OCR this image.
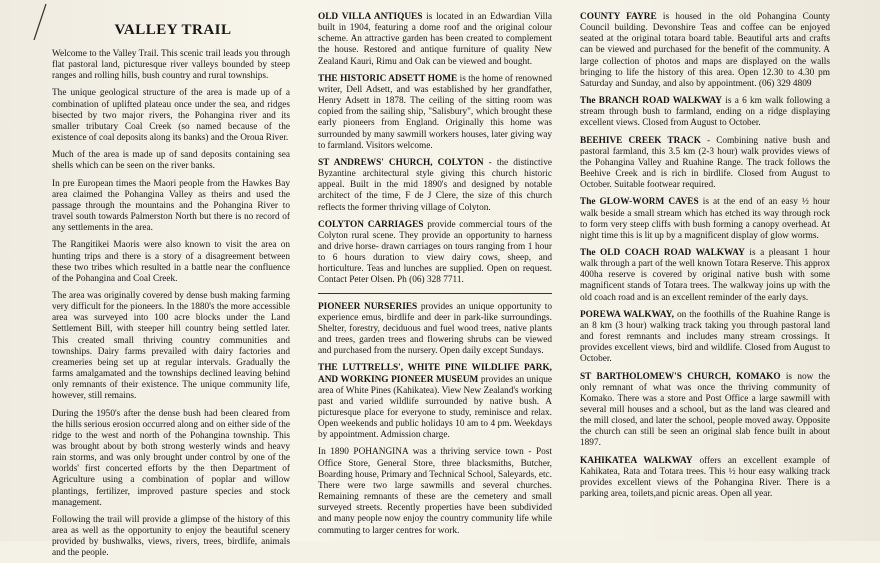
VALLEY TRAIL

Welcome to the Valley Trail. This scenic trail leads you through flat pastoral land, picturesque river valleys bounded by steep ranges and rolling hills, bush country and rural townships.

The unique geological structure of the area is made up of a combination of uplifted plateau once under the sea, and ridges bisected by two major rivers, the Pohangina river and its smaller tributary Coal Creek (so named because of the existence of coal deposits along its banks) and the Oroua River.

Much of the area is made up of sand deposits containing sea shells which can be seen on the river banks.

In pre European times the Maori people from the Hawkes Bay area claimed the Pohangina Valley as theirs and used the passage through the mountains and the Pohangina River to travel south towards Palmerston North but there is no record of any settlements in the area.

The Rangitikei Maoris were also known to visit the area on hunting trips and there is a story of a disagreement between these two tribes which resulted in a battle near the confluence of the Pohangina and Coal Creek.

The area was originally covered by dense bush making farming very difficult for the pioneers. In the 1880's the more accessible area was surveyed into 100 acre blocks under the Land Settlement Bill, with steeper hill country being settled later. This created small thriving country communities and townships. Dairy farms prevailed with dairy factories and creameries being set up at regular intervals. Gradually the farms amalgamated and the townships declined leaving behind only remnants of their existence. The unique community life, however, still remains.

During the 1950's after the dense bush had been cleared from the hills serious erosion occurred along and on either side of the ridge to the west and north of the Pohangina township. This was brought about by both strong westerly winds and heavy rain storms, and was only brought under control by one of the worlds' first concerted efforts by the then Department of Agriculture using a combination of poplar and willow plantings, fertilizer, improved pasture species and stock management.

Following the trail will provide a glimpse of the history of this area as well as the opportunity to enjoy the beautiful scenery provided by bushwalks, views, rivers, trees, birdlife, animals and the people.

OLD VILLA ANTIQUES is located in an Edwardian Villa built in 1904, featuring a dome roof and the original colour scheme. An attractive garden has been created to complement the house. Restored and antique furniture of quality New Zealand Kauri, Rimu and Oak can be viewed and bought.

THE HISTORIC ADSETT HOME is the home of renowned writer, Dell Adsett, and was established by her grandfather, Henry Adsett in 1878. The ceiling of the sitting room was copied from the sailing ship, "Salisbury", which brought these early pioneers from England. Originally this home was surrounded by many sawmill workers houses, later giving way to farmland. Visitors welcome.

ST ANDREWS' CHURCH, COLYTON - the distinctive Byzantine architectural style giving this church historic appeal. Built in the mid 1890's and designed by notable architect of the time, F de J Clere, the size of this church reflects the former thriving village of Colyton.

COLYTON CARRIAGES provide commercial tours of the Colyton rural scene. They provide an opportunity to harness and drive horse- drawn carriages on tours ranging from 1 hour to 6 hours duration to view dairy cows, sheep, and horticulture. Teas and lunches are supplied. Open on request. Contact Peter Olsen. Ph (06) 328 7711.

PIONEER NURSERIES provides an unique opportunity to experience emus, birdlife and deer in park-like surroundings. Shelter, forestry, deciduous and fuel wood trees, native plants and trees, garden trees and flowering shrubs can be viewed and purchased from the nursery. Open daily except Sundays.

THE LUTTRELLS', WHITE PINE WILDLIFE PARK, AND WORKING PIONEER MUSEUM provides an unique area of White Pines (Kahikatea). View New Zealand's working past and varied wildlife surrounded by native bush. A picturesque place for everyone to study, reminisce and relax. Open weekends and public holidays 10 am to 4 pm. Weekdays by appointment. Admission charge.

In 1890 POHANGINA was a thriving service town - Post Office Store, General Store, three blacksmiths, Butcher, Boarding house, Primary and Technical School, Saleyards, etc. There were two large sawmills and several churches. Remaining remnants of these are the cemetery and small surveyed streets. Recently properties have been subdivided and many people now enjoy the country community life while commuting to larger centres for work.

COUNTY FAYRE is housed in the old Pohangina County Council building. Devonshire Teas and coffee can be enjoyed seated at the original totara board table. Beautiful arts and crafts can be viewed and purchased for the benefit of the community. A large collection of photos and maps are displayed on the walls bringing to life the history of this area. Open 12.30 to 4.30 pm Saturday and Sunday, and also by appointment. (06) 329 4809

The BRANCH ROAD WALKWAY is a 6 km walk following a stream through bush to farmland, ending on a ridge displaying excellent views. Closed from August to October.

BEEHIVE CREEK TRACK - Combining native bush and pastoral farmland, this 3.5 km (2-3 hour) walk provides views of the Pohangina Valley and Ruahine Range. The track follows the Beehive Creek and is rich in birdlife. Closed from August to October. Suitable footwear required.

The GLOW-WORM CAVES is at the end of an easy ½ hour walk beside a small stream which has etched its way through rock to form very steep cliffs with bush forming a canopy overhead. At night time this is lit up by a magnificent display of glow worms.

The OLD COACH ROAD WALKWAY is a pleasant 1 hour walk through a part of the well known Totara Reserve. This approx 400ha reserve is covered by original native bush with some magnificent stands of Totara trees. The walkway joins up with the old coach road and is an excellent reminder of the early days.

POREWA WALKWAY, on the foothills of the Ruahine Range is an 8 km (3 hour) walking track taking you through pastoral land and forest remnants and includes many stream crossings. It provides excellent views, bird and wildlife. Closed from August to October.

ST BARTHOLOMEW'S CHURCH, KOMAKO is now the only remnant of what was once the thriving community of Komako. There was a store and Post Office a large sawmill with several mill houses and a school, but as the land was cleared and the mill closed, and later the school, people moved away. Opposite the church can still be seen an original slab fence built in about 1897.

KAHIKATEA WALKWAY offers an excellent example of Kahikatea, Rata and Totara trees. This ½ hour easy walking track provides excellent views of the Pohangina River. There is a parking area, toilets,and picnic areas. Open all year.
